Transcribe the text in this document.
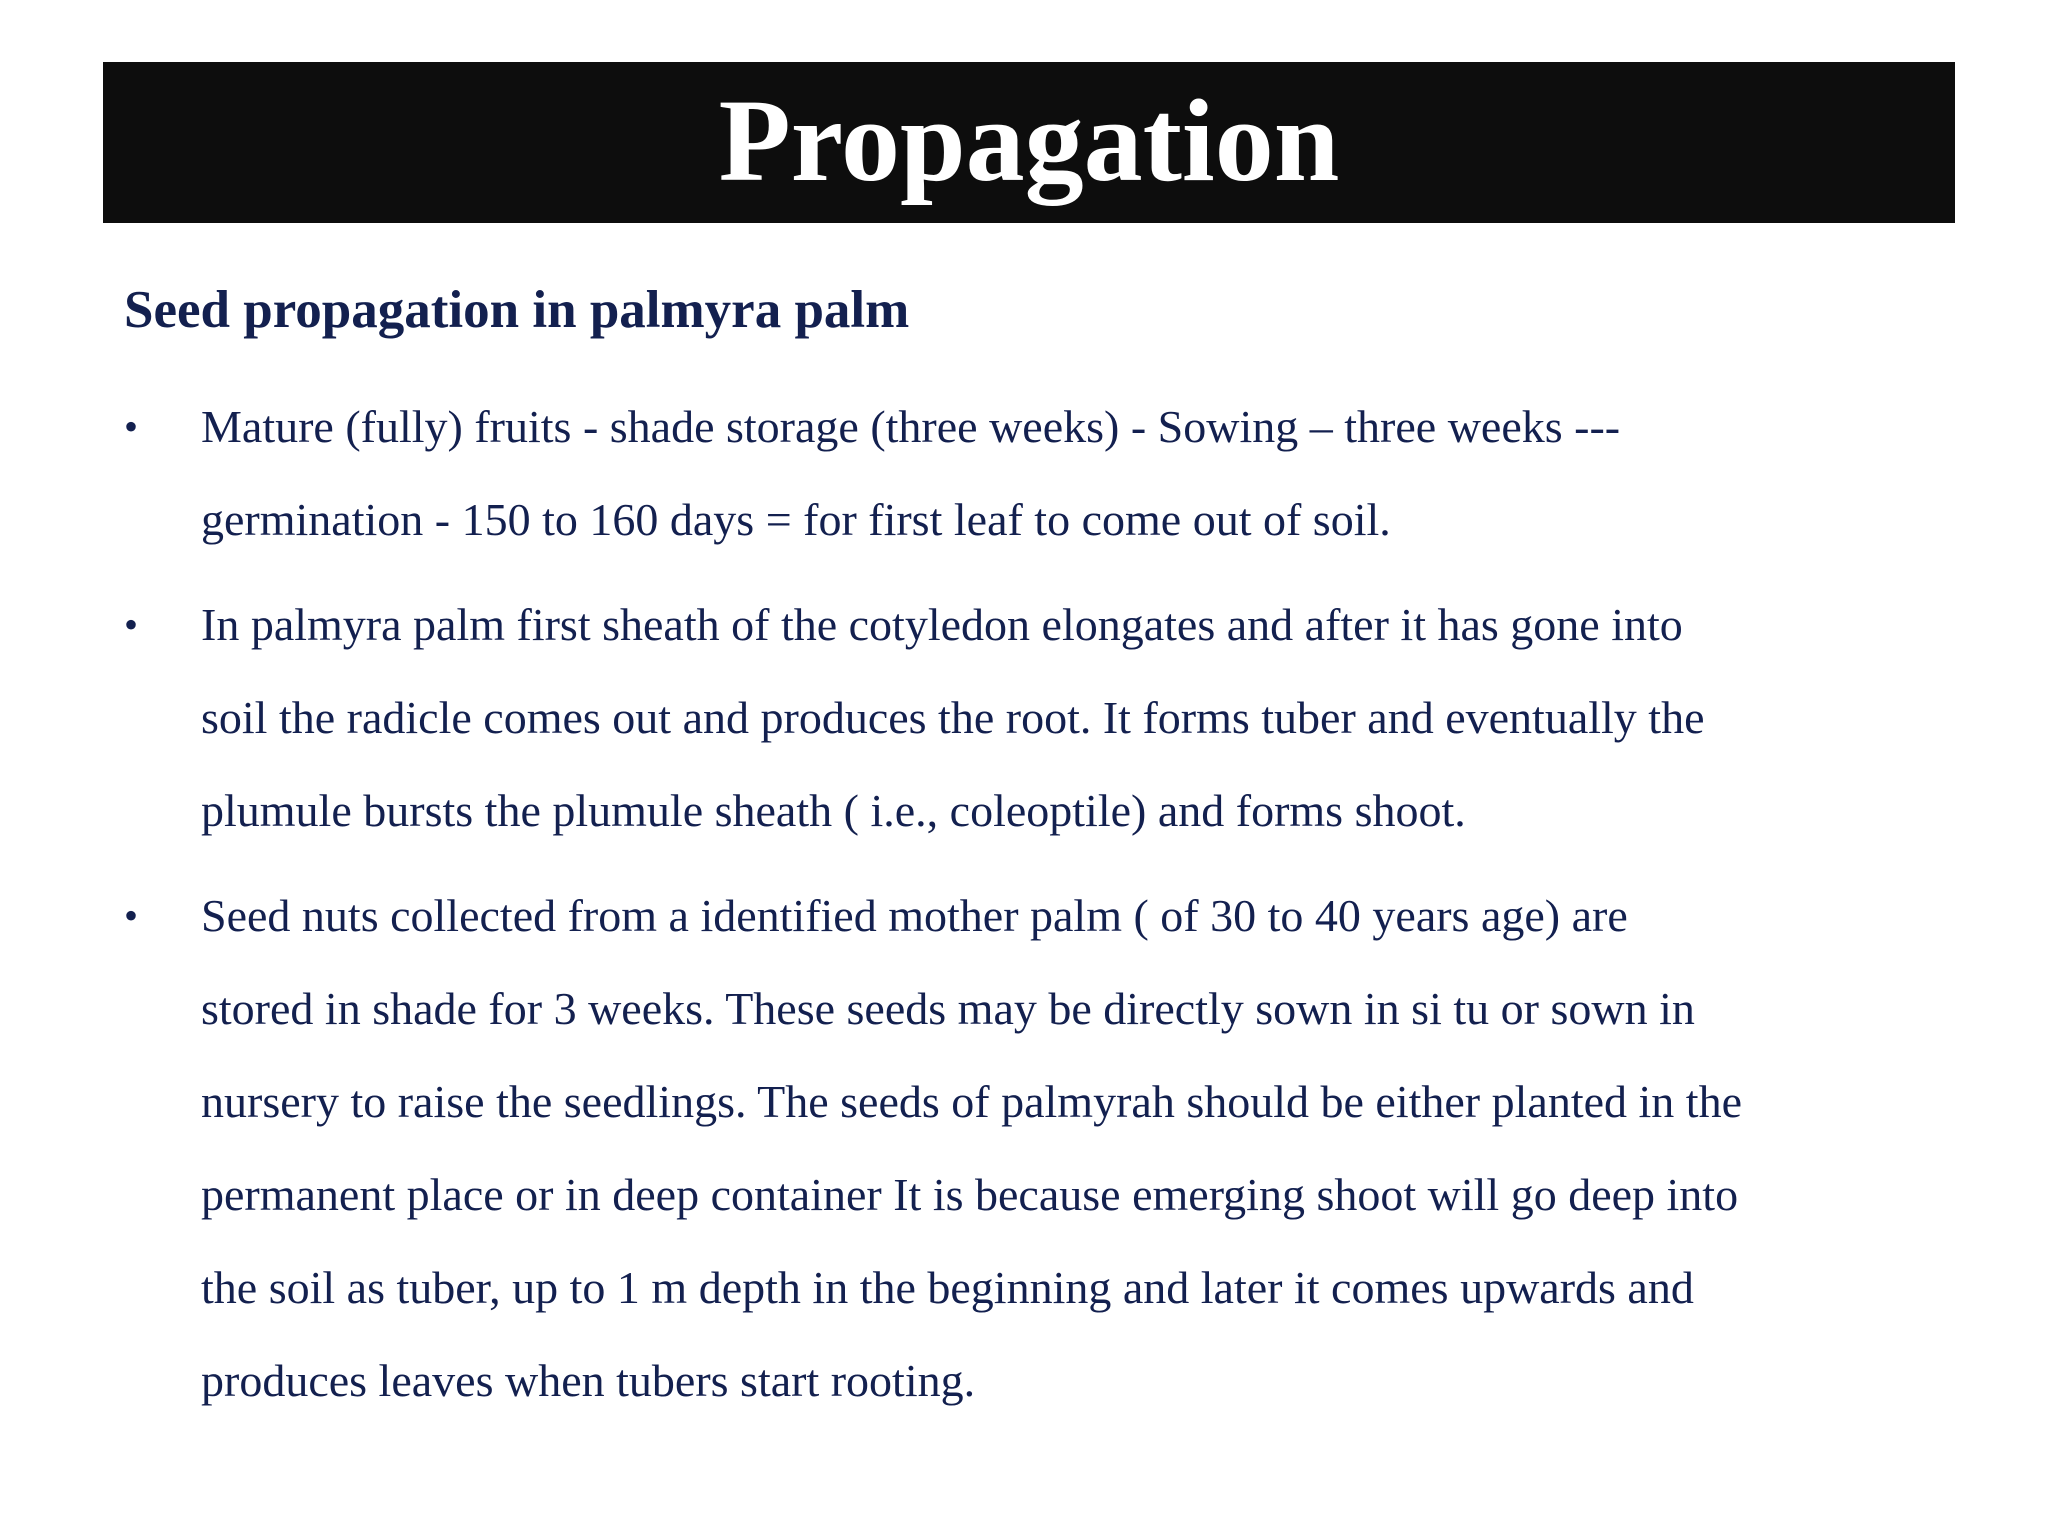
Propagation
Seed propagation in palmyra palm
• Mature (fully) fruits - shade storage (three weeks) - Sowing – three weeks ---
germination - 150 to 160 days = for first leaf to come out of soil.
• In palmyra palm first sheath of the cotyledon elongates and after it has gone into
soil the radicle comes out and produces the root. It forms tuber and eventually the
plumule bursts the plumule sheath ( i.e., coleoptile) and forms shoot.
• Seed nuts collected from a identified mother palm ( of 30 to 40 years age) are
stored in shade for 3 weeks. These seeds may be directly sown in si tu or sown in
nursery to raise the seedlings. The seeds of palmyrah should be either planted in the
permanent place or in deep container It is because emerging shoot will go deep into
the soil as tuber, up to 1 m depth in the beginning and later it comes upwards and
produces leaves when tubers start rooting.
